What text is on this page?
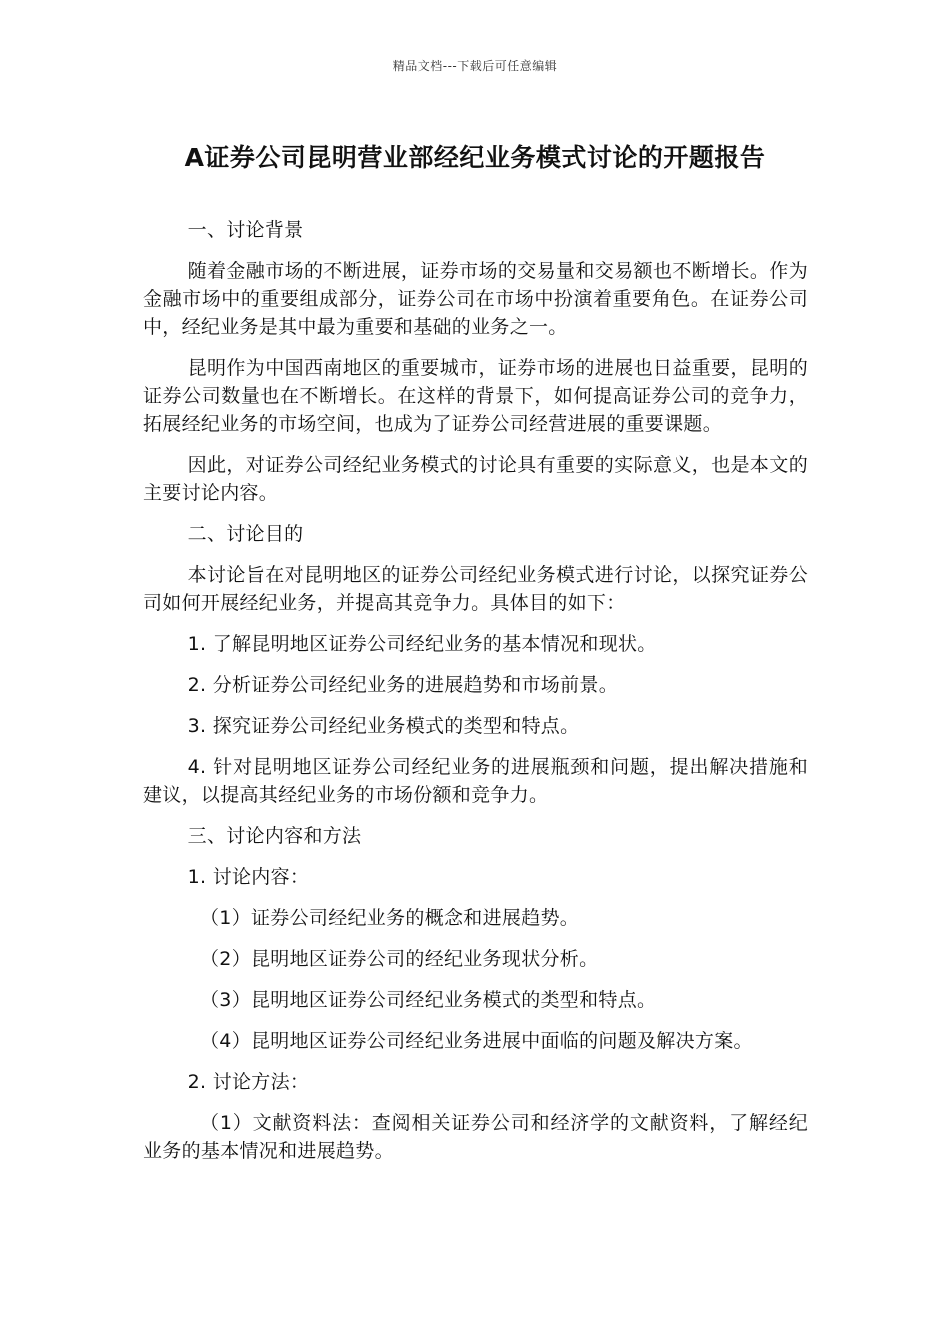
精品文档---下载后可任意编辑
A证券公司昆明营业部经纪业务模式讨论的开题报告

一、讨论背景

随着金融市场的不断进展，证券市场的交易量和交易额也不断增长。作为金融市场中的重要组成部分，证券公司在市场中扮演着重要角色。在证券公司中，经纪业务是其中最为重要和基础的业务之一。

昆明作为中国西南地区的重要城市，证券市场的进展也日益重要，昆明的证券公司数量也在不断增长。在这样的背景下，如何提高证券公司的竞争力，拓展经纪业务的市场空间，也成为了证券公司经营进展的重要课题。

因此，对证券公司经纪业务模式的讨论具有重要的实际意义，也是本文的主要讨论内容。

二、讨论目的

本讨论旨在对昆明地区的证券公司经纪业务模式进行讨论，以探究证券公司如何开展经纪业务，并提高其竞争力。具体目的如下：

1. 了解昆明地区证券公司经纪业务的基本情况和现状。

2. 分析证券公司经纪业务的进展趋势和市场前景。

3. 探究证券公司经纪业务模式的类型和特点。

4. 针对昆明地区证券公司经纪业务的进展瓶颈和问题，提出解决措施和建议，以提高其经纪业务的市场份额和竞争力。

三、讨论内容和方法

1. 讨论内容：

（1）证券公司经纪业务的概念和进展趋势。

（2）昆明地区证券公司的经纪业务现状分析。

（3）昆明地区证券公司经纪业务模式的类型和特点。

（4）昆明地区证券公司经纪业务进展中面临的问题及解决方案。

2. 讨论方法：

（1）文献资料法：查阅相关证券公司和经济学的文献资料，了解经纪业务的基本情况和进展趋势。
